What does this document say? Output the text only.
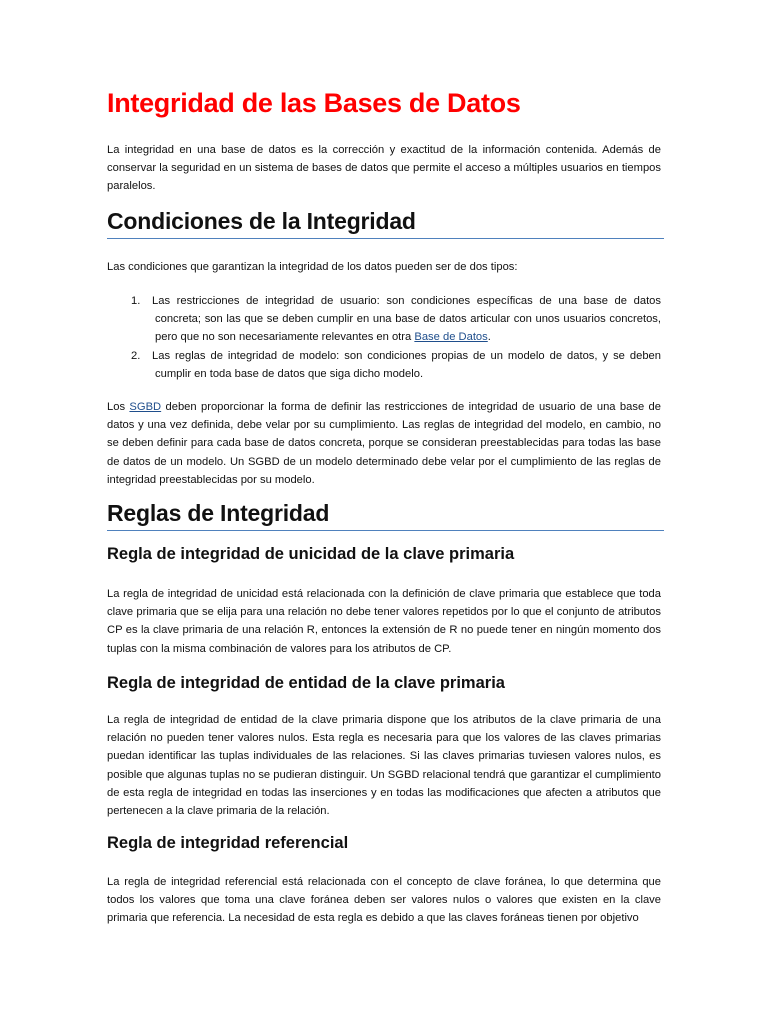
Integridad de las Bases de Datos

La integridad en una base de datos es la corrección y exactitud de la información contenida. Además de conservar la seguridad en un sistema de bases de datos que permite el acceso a múltiples usuarios en tiempos paralelos.

Condiciones de la Integridad

Las condiciones que garantizan la integridad de los datos pueden ser de dos tipos:

1. Las restricciones de integridad de usuario: son condiciones específicas de una base de datos concreta; son las que se deben cumplir en una base de datos articular con unos usuarios concretos, pero que no son necesariamente relevantes en otra Base de Datos.
2. Las reglas de integridad de modelo: son condiciones propias de un modelo de datos, y se deben cumplir en toda base de datos que siga dicho modelo.

Los SGBD deben proporcionar la forma de definir las restricciones de integridad de usuario de una base de datos y una vez definida, debe velar por su cumplimiento. Las reglas de integridad del modelo, en cambio, no se deben definir para cada base de datos concreta, porque se consideran preestablecidas para todas las base de datos de un modelo. Un SGBD de un modelo determinado debe velar por el cumplimiento de las reglas de integridad preestablecidas por su modelo.

Reglas de Integridad
Regla de integridad de unicidad de la clave primaria

La regla de integridad de unicidad está relacionada con la definición de clave primaria que establece que toda clave primaria que se elija para una relación no debe tener valores repetidos por lo que el conjunto de atributos CP es la clave primaria de una relación R, entonces la extensión de R no puede tener en ningún momento dos tuplas con la misma combinación de valores para los atributos de CP.

Regla de integridad de entidad de la clave primaria

La regla de integridad de entidad de la clave primaria dispone que los atributos de la clave primaria de una relación no pueden tener valores nulos. Esta regla es necesaria para que los valores de las claves primarias puedan identificar las tuplas individuales de las relaciones. Si las claves primarias tuviesen valores nulos, es posible que algunas tuplas no se pudieran distinguir. Un SGBD relacional tendrá que garantizar el cumplimiento de esta regla de integridad en todas las inserciones y en todas las modificaciones que afecten a atributos que pertenecen a la clave primaria de la relación.

Regla de integridad referencial

La regla de integridad referencial está relacionada con el concepto de clave foránea, lo que determina que todos los valores que toma una clave foránea deben ser valores nulos o valores que existen en la clave primaria que referencia. La necesidad de esta regla es debido a que las claves foráneas tienen por objetivo
